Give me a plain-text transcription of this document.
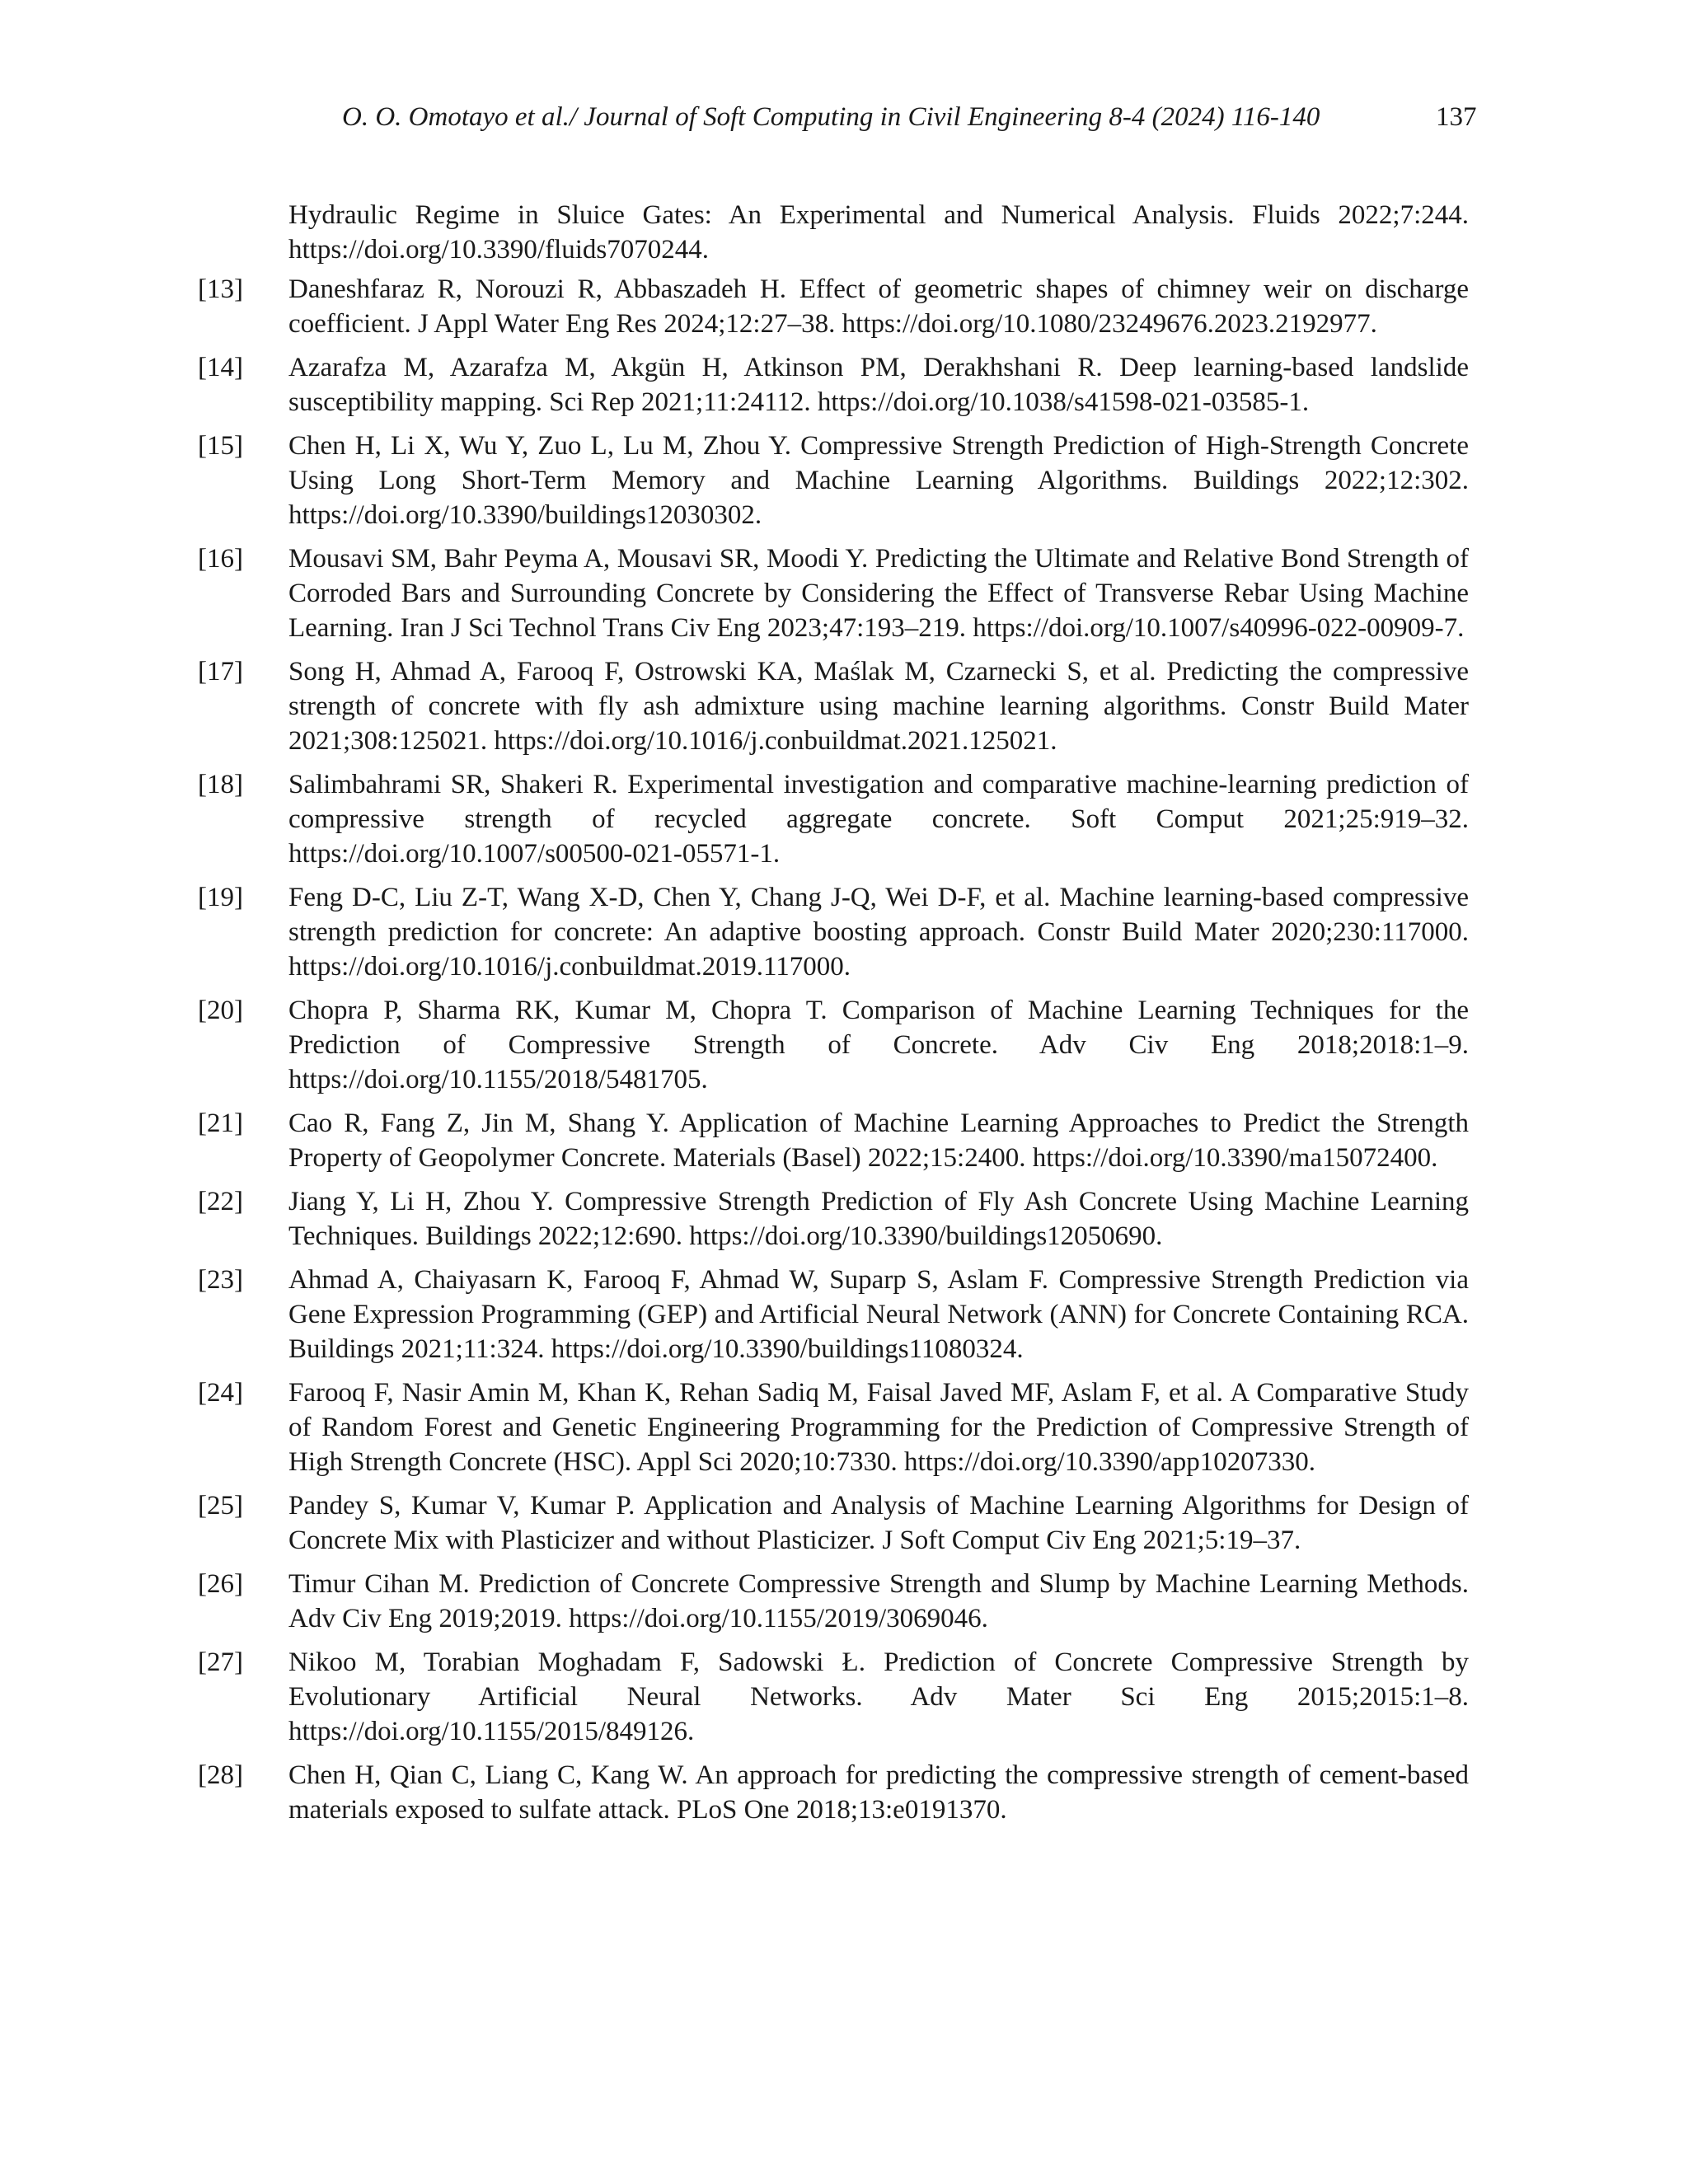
O. O. Omotayo et al./ Journal of Soft Computing in Civil Engineering 8-4 (2024) 116-140	137
Hydraulic Regime in Sluice Gates: An Experimental and Numerical Analysis. Fluids 2022;7:244. https://doi.org/10.3390/fluids7070244.
[13]	Daneshfaraz R, Norouzi R, Abbaszadeh H. Effect of geometric shapes of chimney weir on discharge coefficient. J Appl Water Eng Res 2024;12:27–38. https://doi.org/10.1080/23249676.2023.2192977.
[14]	Azarafza M, Azarafza M, Akgün H, Atkinson PM, Derakhshani R. Deep learning-based landslide susceptibility mapping. Sci Rep 2021;11:24112. https://doi.org/10.1038/s41598-021-03585-1.
[15]	Chen H, Li X, Wu Y, Zuo L, Lu M, Zhou Y. Compressive Strength Prediction of High-Strength Concrete Using Long Short-Term Memory and Machine Learning Algorithms. Buildings 2022;12:302. https://doi.org/10.3390/buildings12030302.
[16]	Mousavi SM, Bahr Peyma A, Mousavi SR, Moodi Y. Predicting the Ultimate and Relative Bond Strength of Corroded Bars and Surrounding Concrete by Considering the Effect of Transverse Rebar Using Machine Learning. Iran J Sci Technol Trans Civ Eng 2023;47:193–219. https://doi.org/10.1007/s40996-022-00909-7.
[17]	Song H, Ahmad A, Farooq F, Ostrowski KA, Maślak M, Czarnecki S, et al. Predicting the compressive strength of concrete with fly ash admixture using machine learning algorithms. Constr Build Mater 2021;308:125021. https://doi.org/10.1016/j.conbuildmat.2021.125021.
[18]	Salimbahrami SR, Shakeri R. Experimental investigation and comparative machine-learning prediction of compressive strength of recycled aggregate concrete. Soft Comput 2021;25:919–32. https://doi.org/10.1007/s00500-021-05571-1.
[19]	Feng D-C, Liu Z-T, Wang X-D, Chen Y, Chang J-Q, Wei D-F, et al. Machine learning-based compressive strength prediction for concrete: An adaptive boosting approach. Constr Build Mater 2020;230:117000. https://doi.org/10.1016/j.conbuildmat.2019.117000.
[20]	Chopra P, Sharma RK, Kumar M, Chopra T. Comparison of Machine Learning Techniques for the Prediction of Compressive Strength of Concrete. Adv Civ Eng 2018;2018:1–9. https://doi.org/10.1155/2018/5481705.
[21]	Cao R, Fang Z, Jin M, Shang Y. Application of Machine Learning Approaches to Predict the Strength Property of Geopolymer Concrete. Materials (Basel) 2022;15:2400. https://doi.org/10.3390/ma15072400.
[22]	Jiang Y, Li H, Zhou Y. Compressive Strength Prediction of Fly Ash Concrete Using Machine Learning Techniques. Buildings 2022;12:690. https://doi.org/10.3390/buildings12050690.
[23]	Ahmad A, Chaiyasarn K, Farooq F, Ahmad W, Suparp S, Aslam F. Compressive Strength Prediction via Gene Expression Programming (GEP) and Artificial Neural Network (ANN) for Concrete Containing RCA. Buildings 2021;11:324. https://doi.org/10.3390/buildings11080324.
[24]	Farooq F, Nasir Amin M, Khan K, Rehan Sadiq M, Faisal Javed MF, Aslam F, et al. A Comparative Study of Random Forest and Genetic Engineering Programming for the Prediction of Compressive Strength of High Strength Concrete (HSC). Appl Sci 2020;10:7330. https://doi.org/10.3390/app10207330.
[25]	Pandey S, Kumar V, Kumar P. Application and Analysis of Machine Learning Algorithms for Design of Concrete Mix with Plasticizer and without Plasticizer. J Soft Comput Civ Eng 2021;5:19–37.
[26]	Timur Cihan M. Prediction of Concrete Compressive Strength and Slump by Machine Learning Methods. Adv Civ Eng 2019;2019. https://doi.org/10.1155/2019/3069046.
[27]	Nikoo M, Torabian Moghadam F, Sadowski Ł. Prediction of Concrete Compressive Strength by Evolutionary Artificial Neural Networks. Adv Mater Sci Eng 2015;2015:1–8. https://doi.org/10.1155/2015/849126.
[28]	Chen H, Qian C, Liang C, Kang W. An approach for predicting the compressive strength of cement-based materials exposed to sulfate attack. PLoS One 2018;13:e0191370.
